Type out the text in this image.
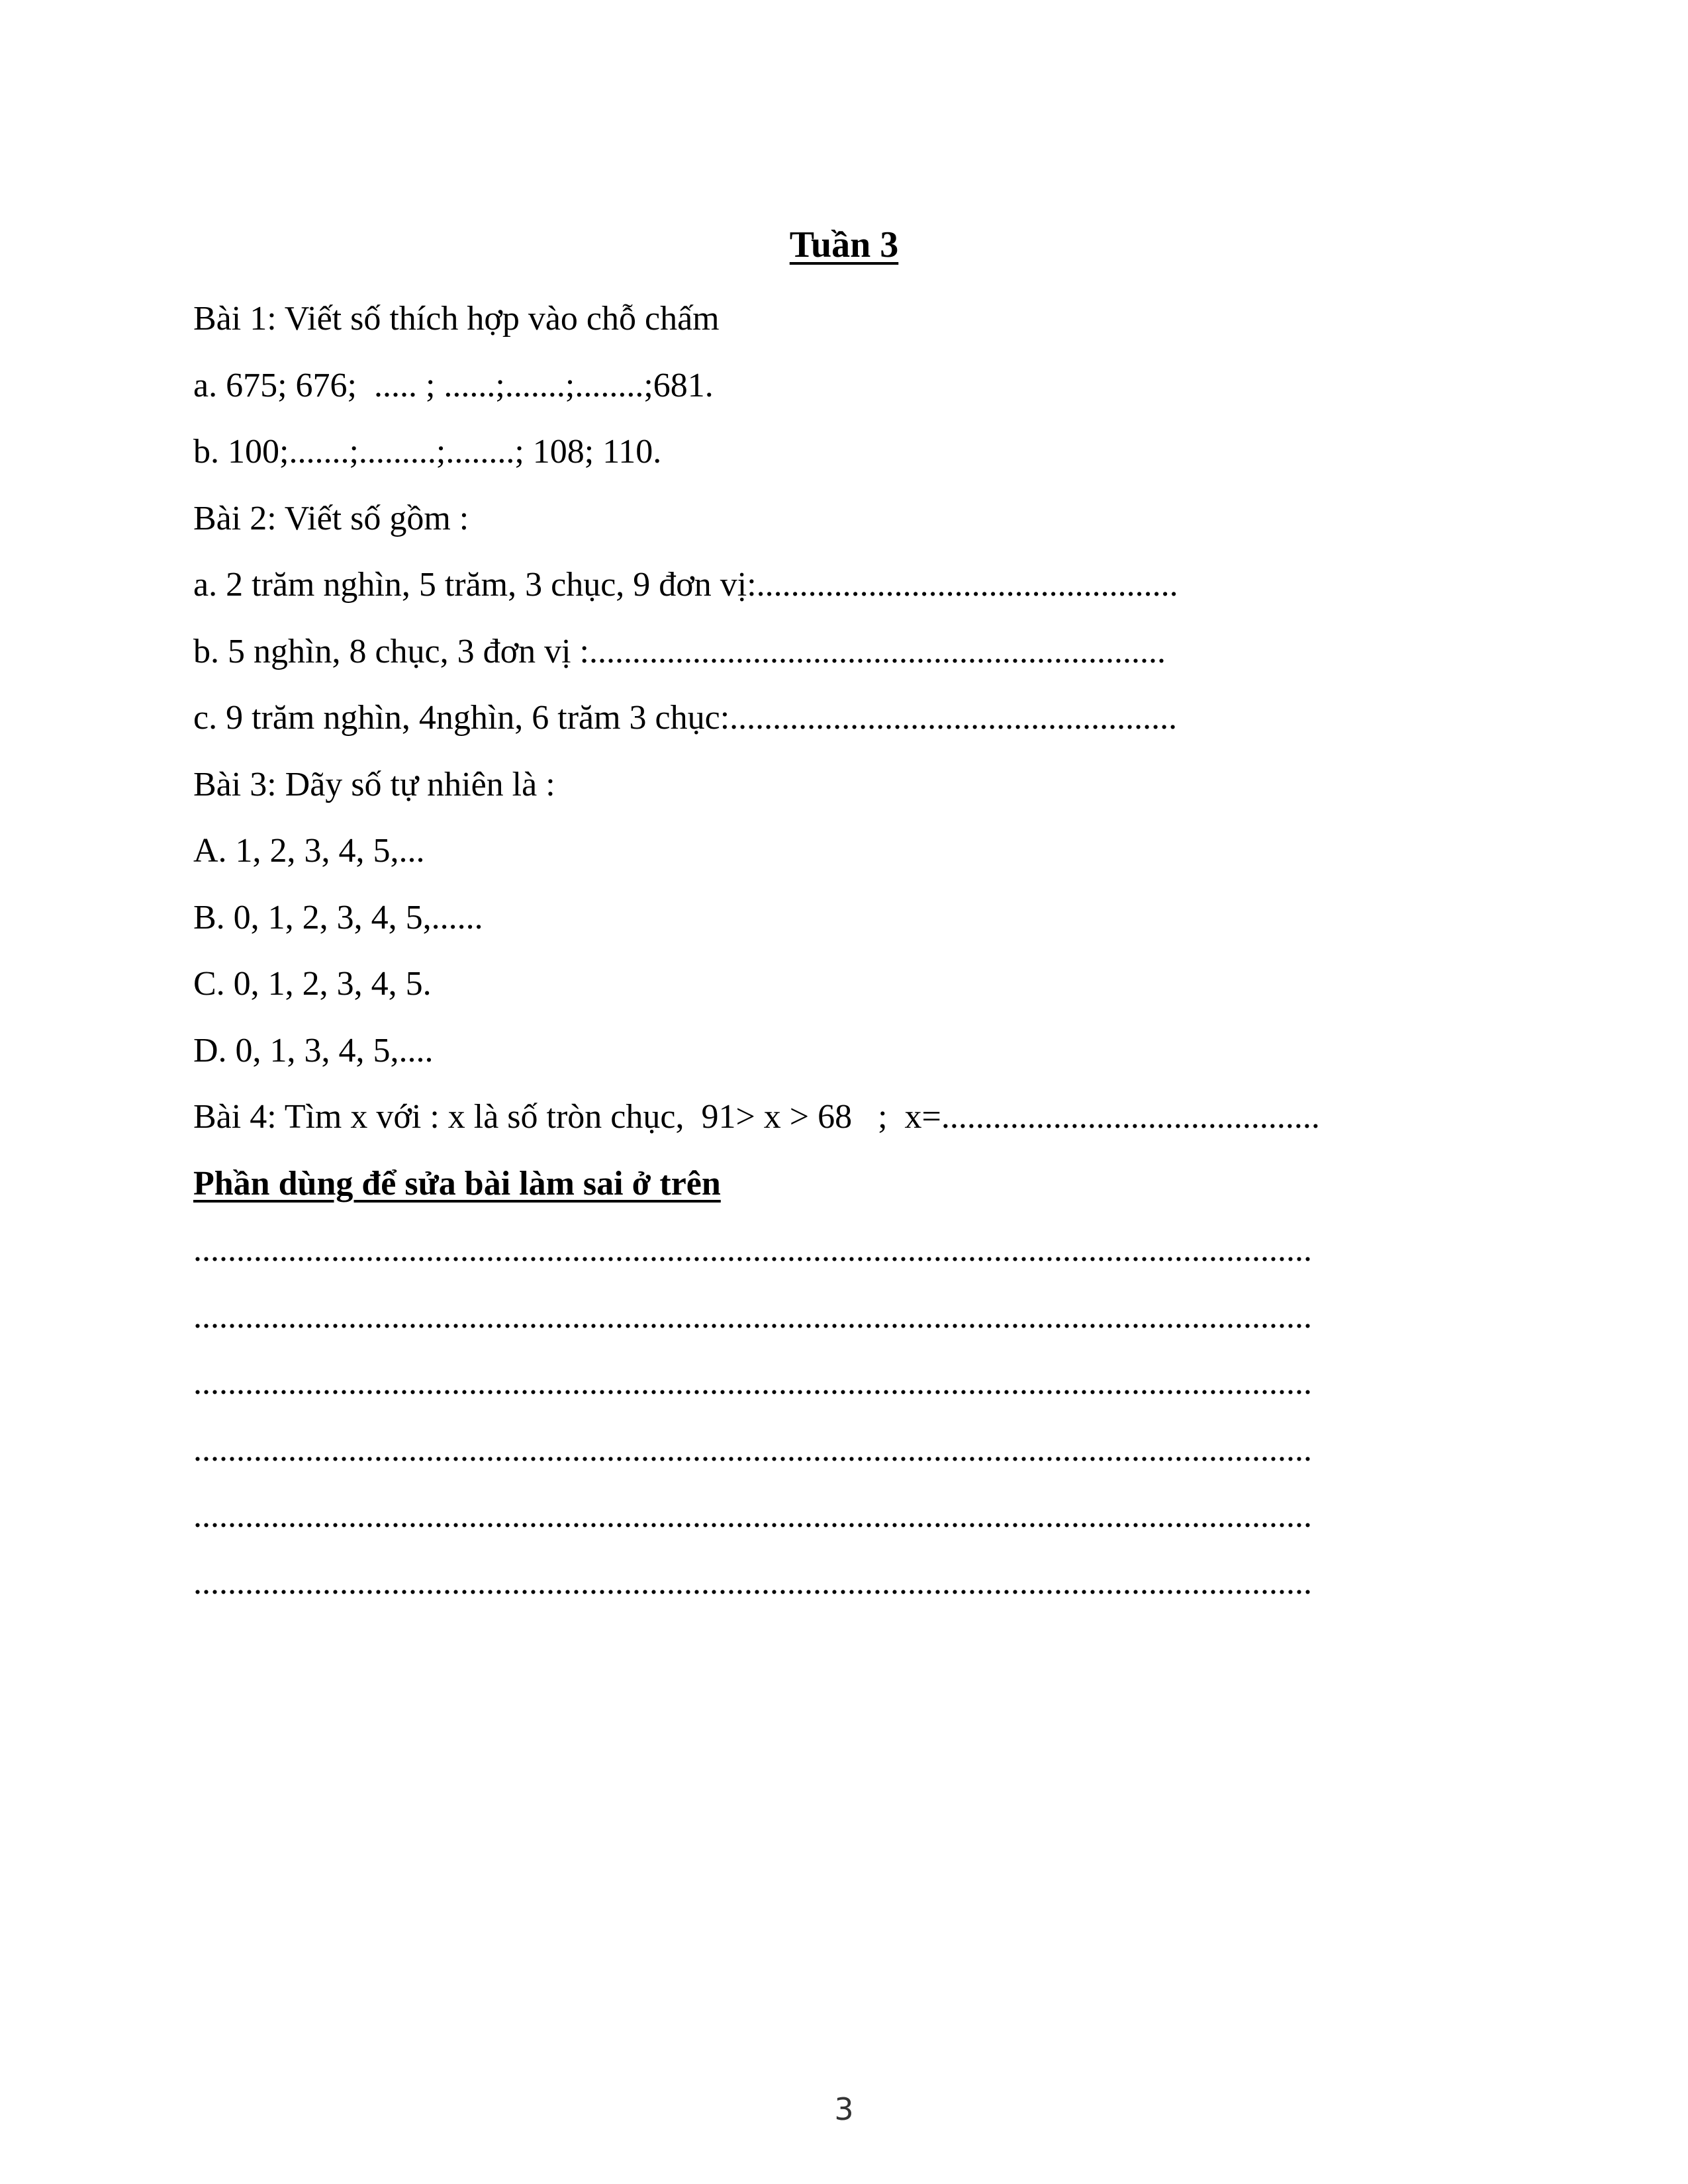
Tuần 3
Bài 1: Viết số thích hợp vào chỗ chấm
a. 675; 676;  ..... ; ......;.......;........;681.
b. 100;.......;.........;........; 108; 110.
Bài 2: Viết số gồm :
a. 2 trăm nghìn, 5 trăm, 3 chục, 9 đơn vị:.................................................
b. 5 nghìn, 8 chục, 3 đơn vị :...................................................................
c. 9 trăm nghìn, 4nghìn, 6 trăm 3 chục:....................................................
Bài 3: Dãy số tự nhiên là :
A. 1, 2, 3, 4, 5,...
B. 0, 1, 2, 3, 4, 5,......
C. 0, 1, 2, 3, 4, 5.
D. 0, 1, 3, 4, 5,....
Bài 4: Tìm x với : x là số tròn chục,  91> x > 68   ;  x=............................................
Phần dùng để sửa bài làm sai ở trên
..................................................................................................................................
..................................................................................................................................
..................................................................................................................................
..................................................................................................................................
..................................................................................................................................
..................................................................................................................................
3
